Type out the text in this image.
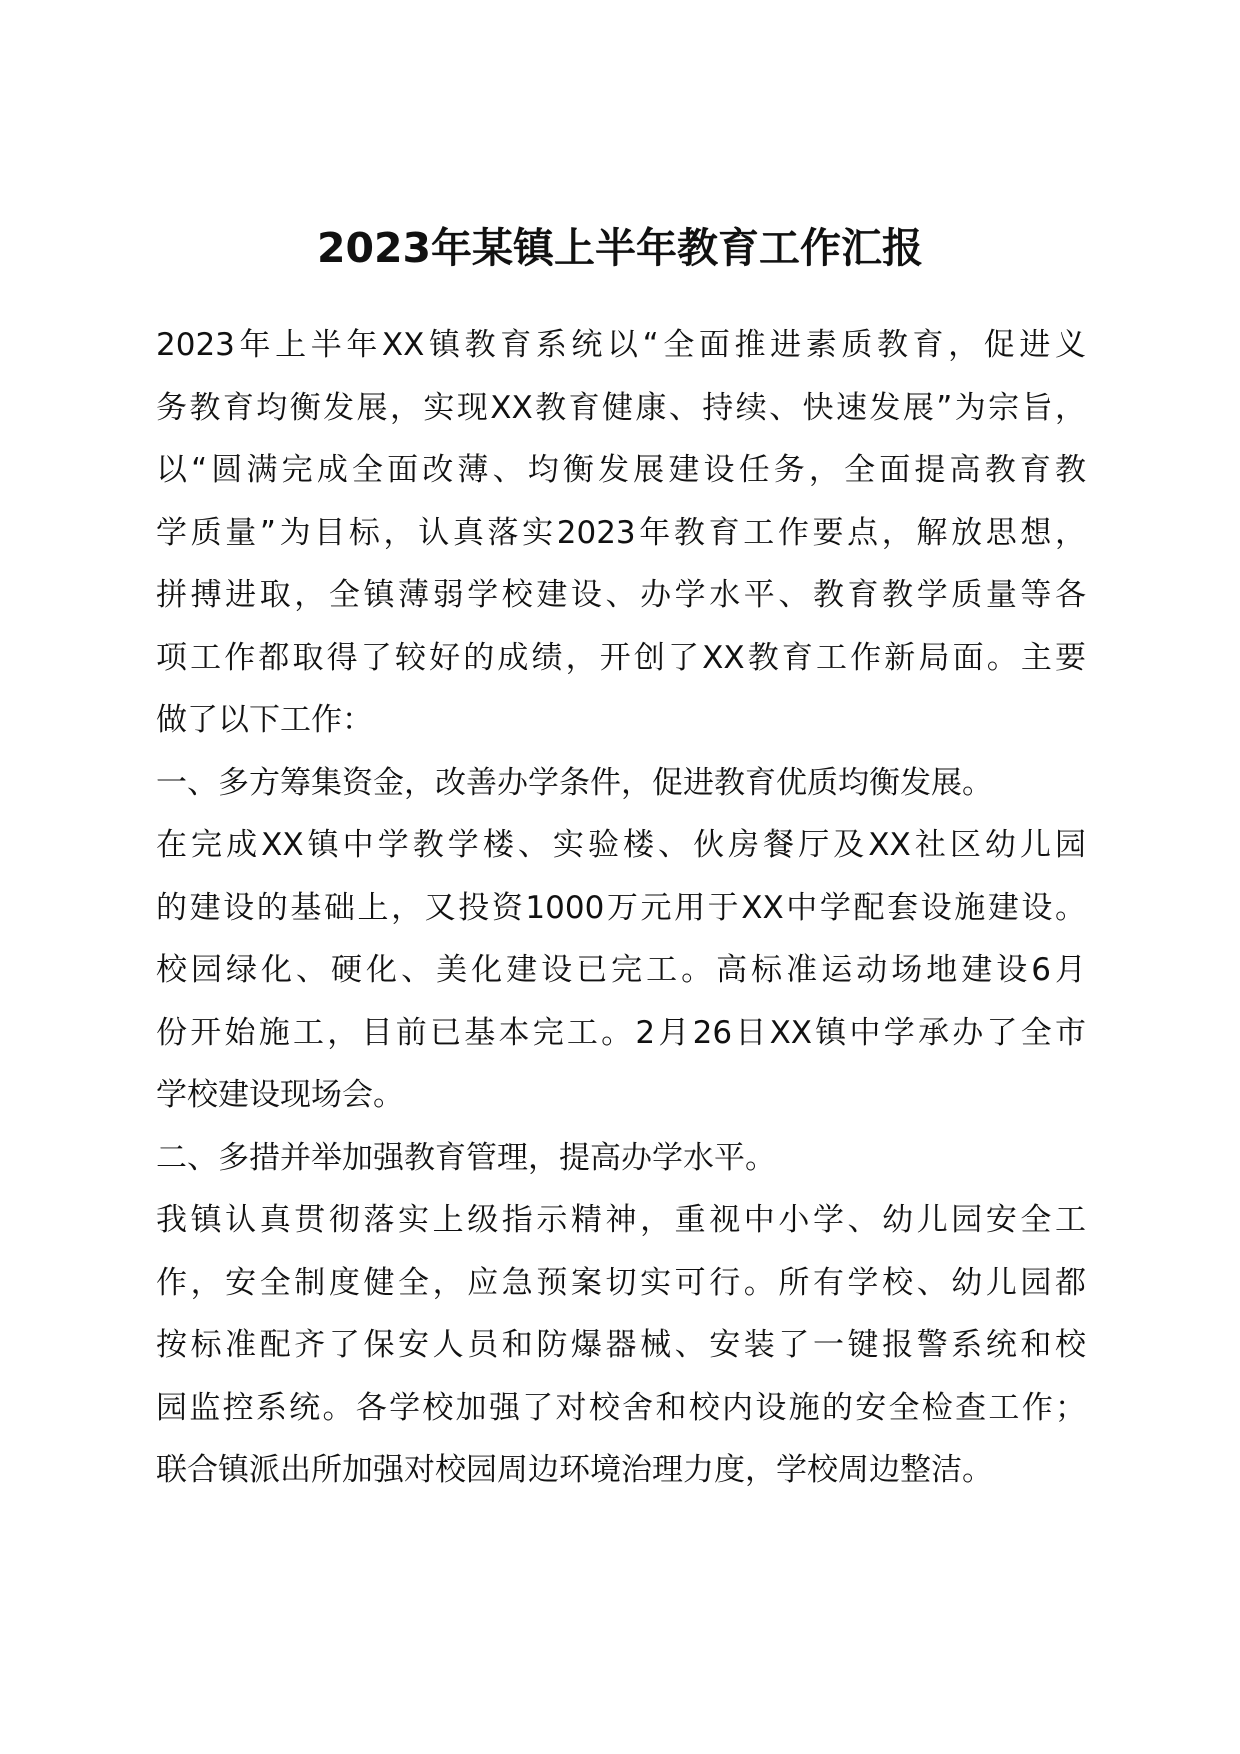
2023年某镇上半年教育工作汇报
2023年上半年XX镇教育系统以“全面推进素质教育，促进义
务教育均衡发展，实现XX教育健康、持续、快速发展”为宗旨，
以“圆满完成全面改薄、均衡发展建设任务，全面提高教育教
学质量”为目标，认真落实2023年教育工作要点，解放思想，
拼搏进取，全镇薄弱学校建设、办学水平、教育教学质量等各
项工作都取得了较好的成绩，开创了XX教育工作新局面。主要
做了以下工作：
一、多方筹集资金，改善办学条件，促进教育优质均衡发展。
在完成XX镇中学教学楼、实验楼、伙房餐厅及XX社区幼儿园
的建设的基础上，又投资1000万元用于XX中学配套设施建设。
校园绿化、硬化、美化建设已完工。高标准运动场地建设6月
份开始施工，目前已基本完工。2月26日XX镇中学承办了全市
学校建设现场会。
二、多措并举加强教育管理，提高办学水平。
我镇认真贯彻落实上级指示精神，重视中小学、幼儿园安全工
作，安全制度健全，应急预案切实可行。所有学校、幼儿园都
按标准配齐了保安人员和防爆器械、安装了一键报警系统和校
园监控系统。各学校加强了对校舍和校内设施的安全检查工作；
联合镇派出所加强对校园周边环境治理力度，学校周边整洁。
